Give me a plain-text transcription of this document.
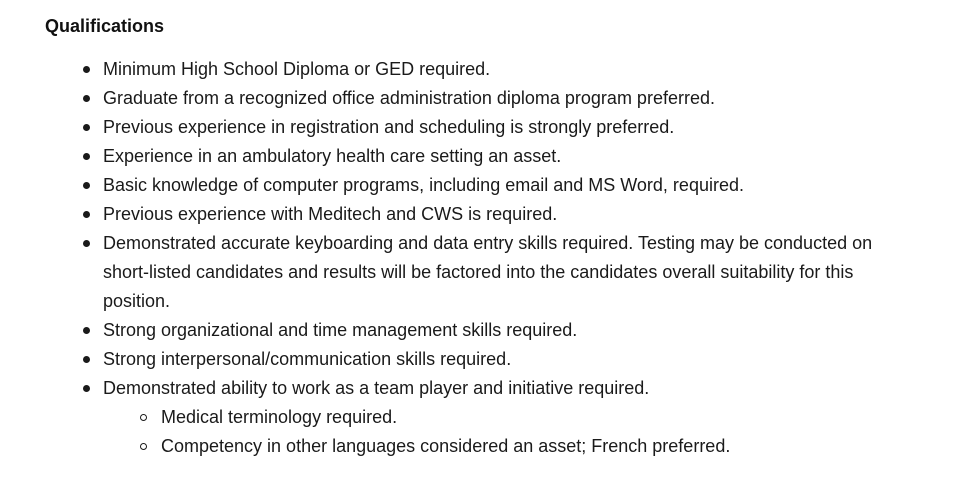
Qualifications
Minimum High School Diploma or GED required.
Graduate from a recognized office administration diploma program preferred.
Previous experience in registration and scheduling is strongly preferred.
Experience in an ambulatory health care setting an asset.
Basic knowledge of computer programs, including email and MS Word, required.
Previous experience with Meditech and CWS is required.
Demonstrated accurate keyboarding and data entry skills required. Testing may be conducted on short-listed candidates and results will be factored into the candidates overall suitability for this position.
Strong organizational and time management skills required.
Strong interpersonal/communication skills required.
Demonstrated ability to work as a team player and initiative required.
Medical terminology required.
Competency in other languages considered an asset; French preferred.
